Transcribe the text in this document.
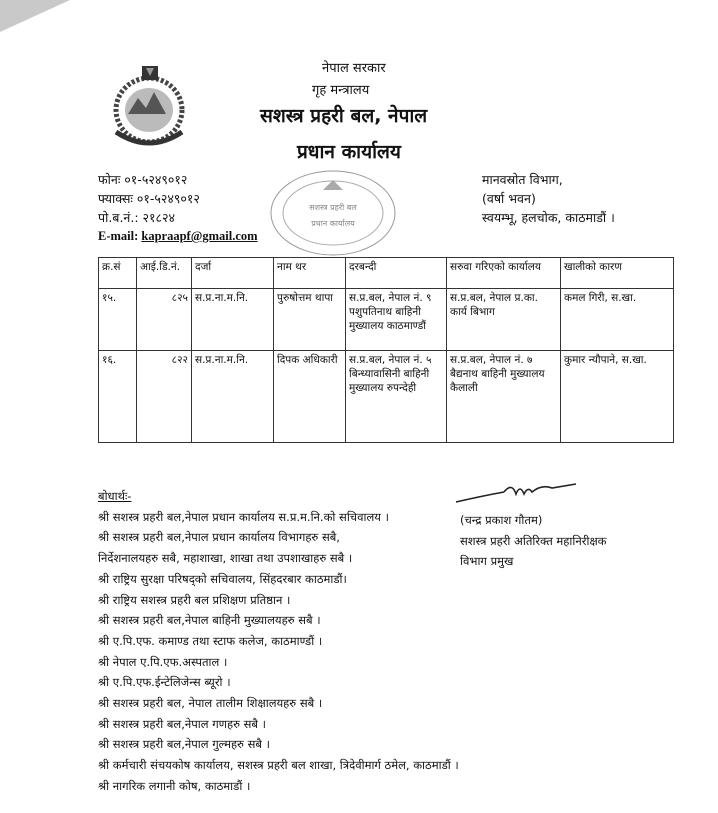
नेपाल सरकार
गृह मन्त्रालय
सशस्त्र प्रहरी बल, नेपाल
प्रधान कार्यालय
फोनः ०१-५२४९०१२
फ्याक्सः ०१-५२४९०१२
पो.ब.नं.: २१८२४
E-mail: kapraapf@gmail.com
सशस्त्र प्रहरी बल
प्रधान कार्यालय
मानवस्रोत विभाग,
(वर्षा भवन)
स्वयम्भू, हलचोक, काठमाडौं ।
क्र.सं	आई.डि.नं.	दर्जा	नाम थर	दरबन्दी	सरुवा गरिएको कार्यालय	खालीको कारण
१५.	८२५	स.प्र.ना.म.नि.	पुरुषोत्तम थापा	स.प्र.बल, नेपाल नं. ९ पशुपतिनाथ बाहिनी मुख्यालय काठमाण्डौं	स.प्र.बल, नेपाल प्र.का. कार्य बिभाग	कमल गिरी, स.खा.
१६.	८२२	स.प्र.ना.म.नि.	दिपक अधिकारी	स.प्र.बल, नेपाल नं. ५ बिन्ध्यावासिनी बाहिनी मुख्यालय रुपन्देही	स.प्र.बल, नेपाल नं. ७ बैद्यनाथ बाहिनी मुख्यालय कैलाली	कुमार न्यौपाने, स.खा.
बोधार्थः-
श्री सशस्त्र प्रहरी बल,नेपाल प्रधान कार्यालय स.प्र.म.नि.को सचिवालय ।
श्री सशस्त्र प्रहरी बल,नेपाल प्रधान कार्यालय विभागहरु सबै,
निर्देशनालयहरु सबै, महाशाखा, शाखा तथा उपशाखाहरु सबै ।
श्री राष्ट्रिय सुरक्षा परिषद्को सचिवालय, सिंहदरबार काठमाडौं।
श्री राष्ट्रिय सशस्त्र प्रहरी बल प्रशिक्षण प्रतिष्ठान ।
श्री सशस्त्र प्रहरी बल,नेपाल बाहिनी मुख्यालयहरु सबै ।
श्री ए.पि.एफ. कमाण्ड तथा स्टाफ कलेज, काठमाण्डौं ।
श्री नेपाल ए.पि.एफ.अस्पताल ।
श्री ए.पि.एफ.ईन्टेलिजेन्स ब्यूरो ।
श्री सशस्त्र प्रहरी बल, नेपाल तालीम शिक्षालयहरु सबै ।
श्री सशस्त्र प्रहरी बल,नेपाल गणहरु सबै ।
श्री सशस्त्र प्रहरी बल,नेपाल गुल्महरु सबै ।
श्री कर्मचारी संचयकोष कार्यालय, सशस्त्र प्रहरी बल शाखा, त्रिदेवीमार्ग ठमेल, काठमाडौं ।
श्री नागरिक लगानी कोष, काठमाडौं ।
(चन्द्र प्रकाश गौतम)
सशस्त्र प्रहरी अतिरिक्त महानिरीक्षक
विभाग प्रमुख
